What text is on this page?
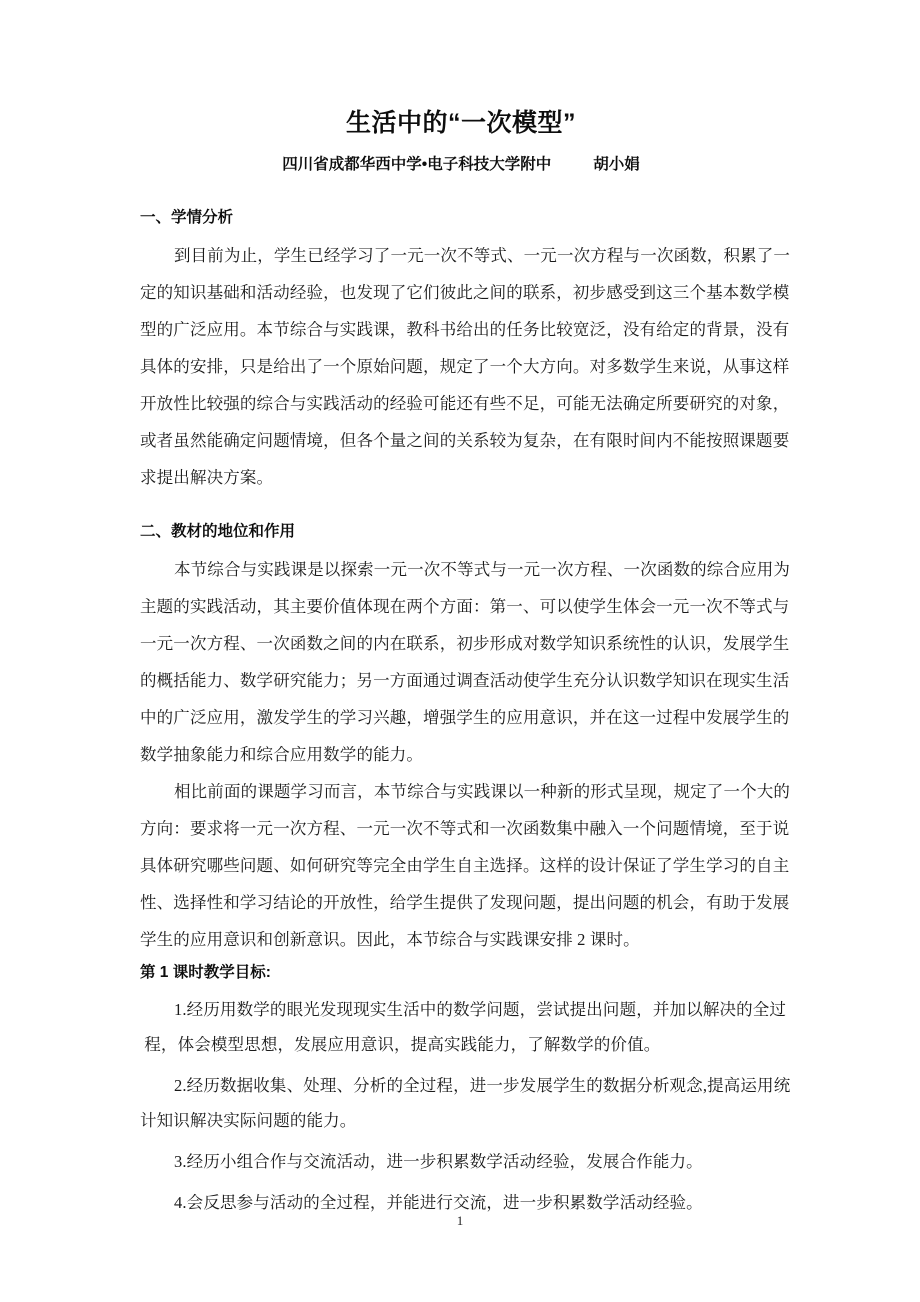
生活中的“一次模型”
四川省成都华西中学•电子科技大学附中	胡小娟
一、学情分析
到目前为止，学生已经学习了一元一次不等式、一元一次方程与一次函数，积累了一
定的知识基础和活动经验，也发现了它们彼此之间的联系，初步感受到这三个基本数学模
型的广泛应用。本节综合与实践课，教科书给出的任务比较宽泛，没有给定的背景，没有
具体的安排，只是给出了一个原始问题，规定了一个大方向。对多数学生来说，从事这样
开放性比较强的综合与实践活动的经验可能还有些不足，可能无法确定所要研究的对象，
或者虽然能确定问题情境，但各个量之间的关系较为复杂，在有限时间内不能按照课题要
求提出解决方案。
二、教材的地位和作用
本节综合与实践课是以探索一元一次不等式与一元一次方程、一次函数的综合应用为
主题的实践活动，其主要价值体现在两个方面：第一、可以使学生体会一元一次不等式与
一元一次方程、一次函数之间的内在联系，初步形成对数学知识系统性的认识，发展学生
的概括能力、数学研究能力；另一方面通过调查活动使学生充分认识数学知识在现实生活
中的广泛应用，激发学生的学习兴趣，增强学生的应用意识，并在这一过程中发展学生的
数学抽象能力和综合应用数学的能力。
相比前面的课题学习而言，本节综合与实践课以一种新的形式呈现，规定了一个大的
方向：要求将一元一次方程、一元一次不等式和一次函数集中融入一个问题情境，至于说
具体研究哪些问题、如何研究等完全由学生自主选择。这样的设计保证了学生学习的自主
性、选择性和学习结论的开放性，给学生提供了发现问题，提出问题的机会，有助于发展
学生的应用意识和创新意识。因此，本节综合与实践课安排 2 课时。
第 1 课时教学目标:
1.经历用数学的眼光发现现实生活中的数学问题，尝试提出问题，并加以解决的全过
程，体会模型思想，发展应用意识，提高实践能力，了解数学的价值。
2.经历数据收集、处理、分析的全过程，进一步发展学生的数据分析观念,提高运用统
计知识解决实际问题的能力。
3.经历小组合作与交流活动，进一步积累数学活动经验，发展合作能力。
4.会反思参与活动的全过程，并能进行交流，进一步积累数学活动经验。
1
